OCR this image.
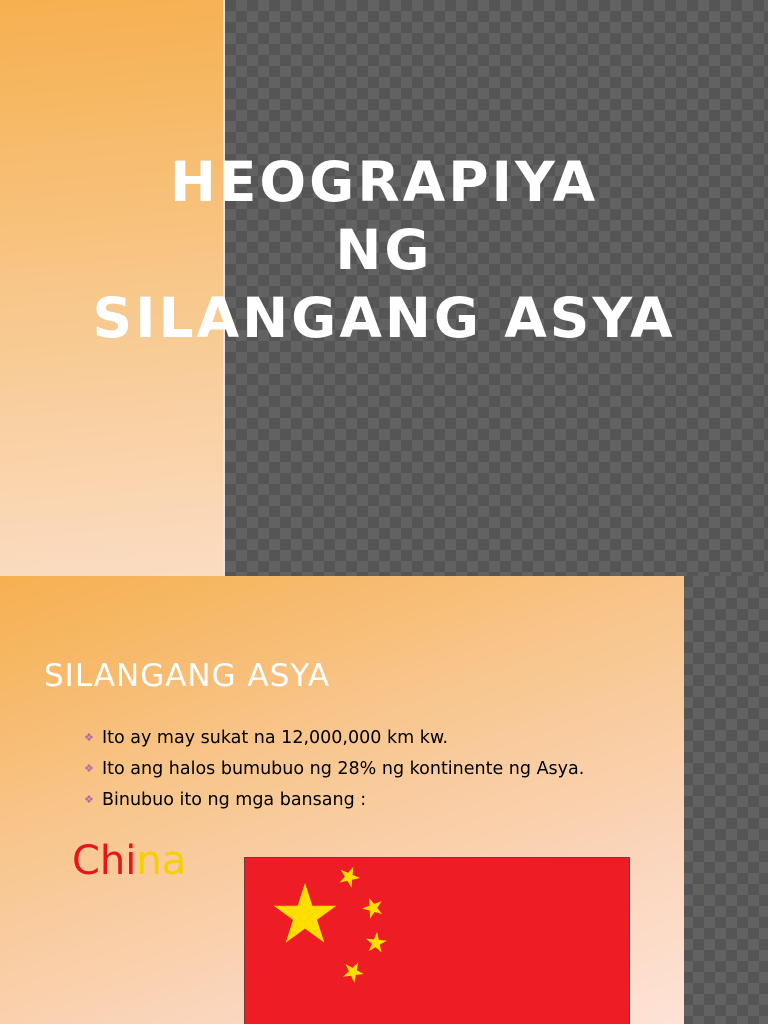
HEOGRAPIYA
NG
SILANGANG ASYA
SILANGANG ASYA
❖ Ito ay may sukat na 12,000,000 km kw.
❖ Ito ang halos bumubuo ng 28% ng kontinente ng Asya.
❖ Binubuo ito ng mga bansang :
China
